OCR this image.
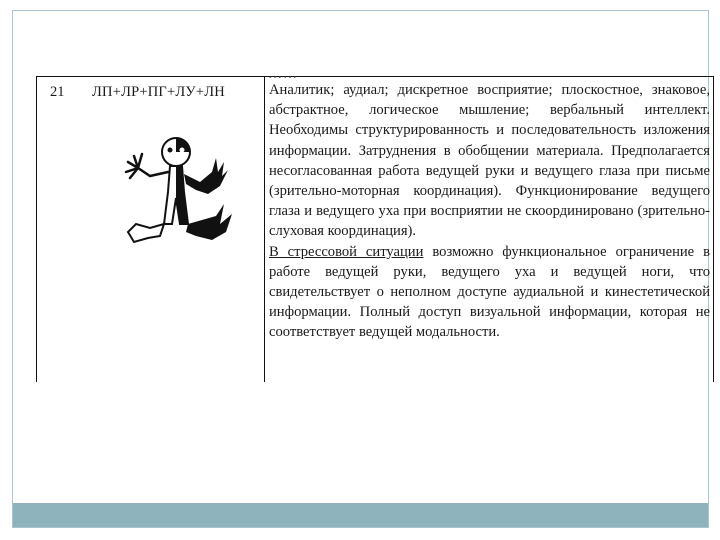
……
21 ЛП+ЛР+ПГ+ЛУ+ЛН	Аналитик; аудиал; дискретное восприятие; плоскостное, знаковое, абстрактное, логическое мышление; вербальный интеллект. Необходимы структурированность и последовательность изложения информации. Затруднения в обобщении материала. Предполагается несогласованная работа ведущей руки и ведущего глаза при письме (зрительно-моторная координация). Функционирование ведущего глаза и ведущего уха при восприятии не скоординировано (зрительно-слуховая координация).

В стрессовой ситуации возможно функциональное ограничение в работе ведущей руки, ведущего уха и ведущей ноги, что свидетельствует о неполном доступе аудиальной и кинестетической информации. Полный доступ визуальной информации, которая не соответствует ведущей модальности.
